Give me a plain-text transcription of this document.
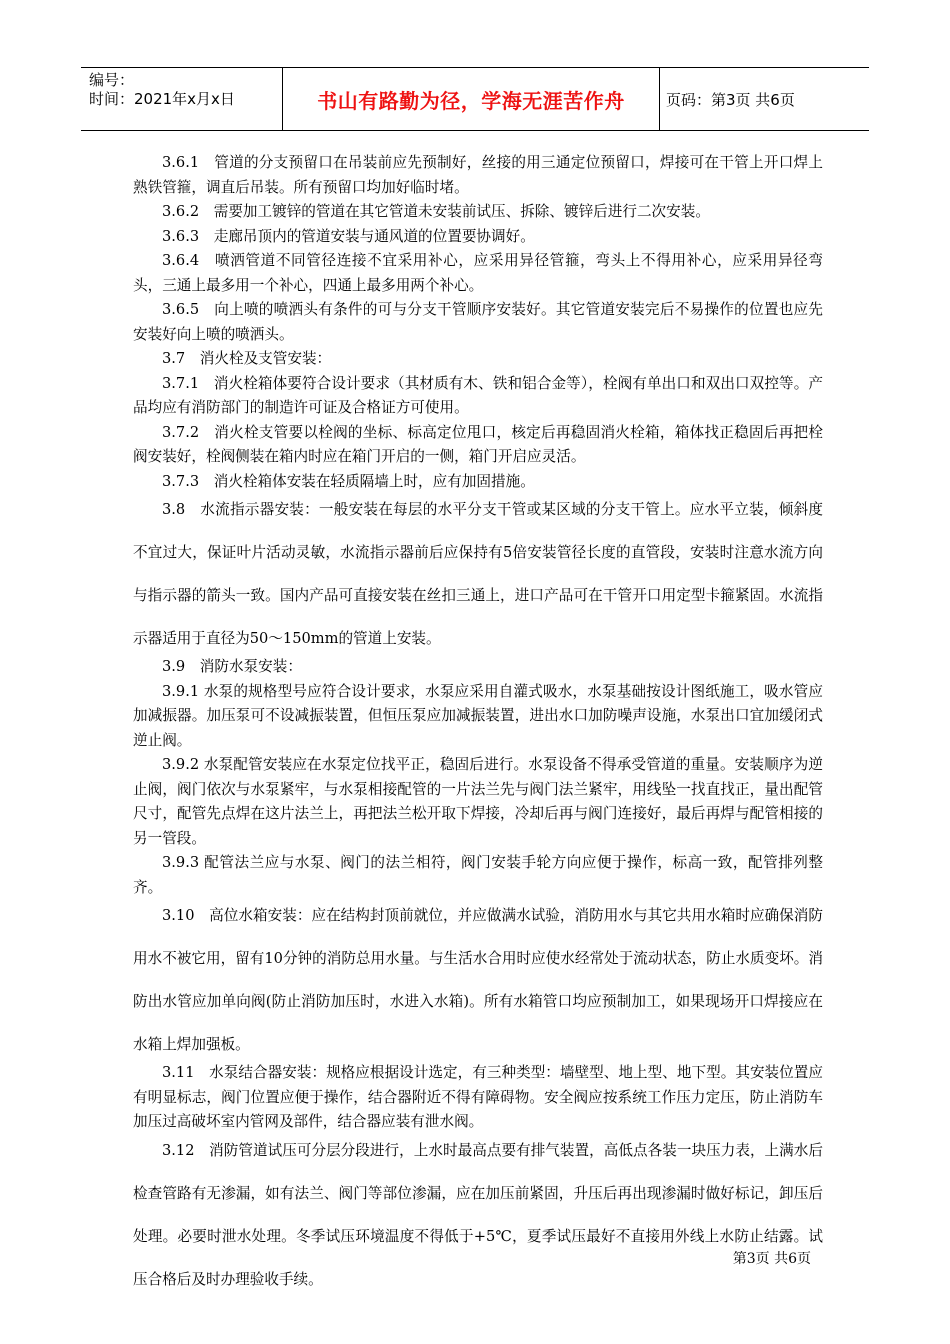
编号：
时间：2021年x月x日	书山有路勤为径，学海无涯苦作舟	页码：第3页 共6页

3.6.1　管道的分支预留口在吊装前应先预制好，丝接的用三通定位预留口，焊接可在干管上开口焊上熟铁管箍，调直后吊装。所有预留口均加好临时堵。

3.6.2　需要加工镀锌的管道在其它管道未安装前试压、拆除、镀锌后进行二次安装。

3.6.3　走廊吊顶内的管道安装与通风道的位置要协调好。

3.6.4　喷洒管道不同管径连接不宜采用补心，应采用异径管箍，弯头上不得用补心，应采用异径弯头，三通上最多用一个补心，四通上最多用两个补心。

3.6.5　向上喷的喷洒头有条件的可与分支干管顺序安装好。其它管道安装完后不易操作的位置也应先安装好向上喷的喷洒头。

3.7　消火栓及支管安装：

3.7.1　消火栓箱体要符合设计要求（其材质有木、铁和铝合金等），栓阀有单出口和双出口双控等。产品均应有消防部门的制造许可证及合格证方可使用。

3.7.2　消火栓支管要以栓阀的坐标、标高定位甩口，核定后再稳固消火栓箱，箱体找正稳固后再把栓阀安装好，栓阀侧装在箱内时应在箱门开启的一侧，箱门开启应灵活。

3.7.3　消火栓箱体安装在轻质隔墙上时，应有加固措施。

3.8　水流指示器安装：一般安装在每层的水平分支干管或某区域的分支干管上。应水平立装，倾斜度不宜过大，保证叶片活动灵敏，水流指示器前后应保持有5倍安装管径长度的直管段，安装时注意水流方向与指示器的箭头一致。国内产品可直接安装在丝扣三通上，进口产品可在干管开口用定型卡箍紧固。水流指示器适用于直径为50～150mm的管道上安装。

3.9　消防水泵安装：

3.9.1 水泵的规格型号应符合设计要求，水泵应采用自灌式吸水，水泵基础按设计图纸施工，吸水管应加减振器。加压泵可不设减振装置，但恒压泵应加减振装置，进出水口加防噪声设施，水泵出口宜加缓闭式逆止阀。

3.9.2 水泵配管安装应在水泵定位找平正，稳固后进行。水泵设备不得承受管道的重量。安装顺序为逆止阀，阀门依次与水泵紧牢，与水泵相接配管的一片法兰先与阀门法兰紧牢，用线坠一找直找正，量出配管尺寸，配管先点焊在这片法兰上，再把法兰松开取下焊接，冷却后再与阀门连接好，最后再焊与配管相接的另一管段。

3.9.3 配管法兰应与水泵、阀门的法兰相符，阀门安装手轮方向应便于操作，标高一致，配管排列整齐。

3.10　高位水箱安装：应在结构封顶前就位，并应做满水试验，消防用水与其它共用水箱时应确保消防用水不被它用，留有10分钟的消防总用水量。与生活水合用时应使水经常处于流动状态，防止水质变坏。消防出水管应加单向阀(防止消防加压时，水进入水箱)。所有水箱管口均应预制加工，如果现场开口焊接应在水箱上焊加强板。

3.11　水泵结合器安装：规格应根据设计选定，有三种类型：墙壁型、地上型、地下型。其安装位置应有明显标志，阀门位置应便于操作，结合器附近不得有障碍物。安全阀应按系统工作压力定压，防止消防车加压过高破坏室内管网及部件，结合器应装有泄水阀。

3.12　消防管道试压可分层分段进行，上水时最高点要有排气装置，高低点各装一块压力表，上满水后检查管路有无渗漏，如有法兰、阀门等部位渗漏，应在加压前紧固，升压后再出现渗漏时做好标记，卸压后处理。必要时泄水处理。冬季试压环境温度不得低于+5℃，夏季试压最好不直接用外线上水防止结露。试压合格后及时办理验收手续。

第3页 共6页
